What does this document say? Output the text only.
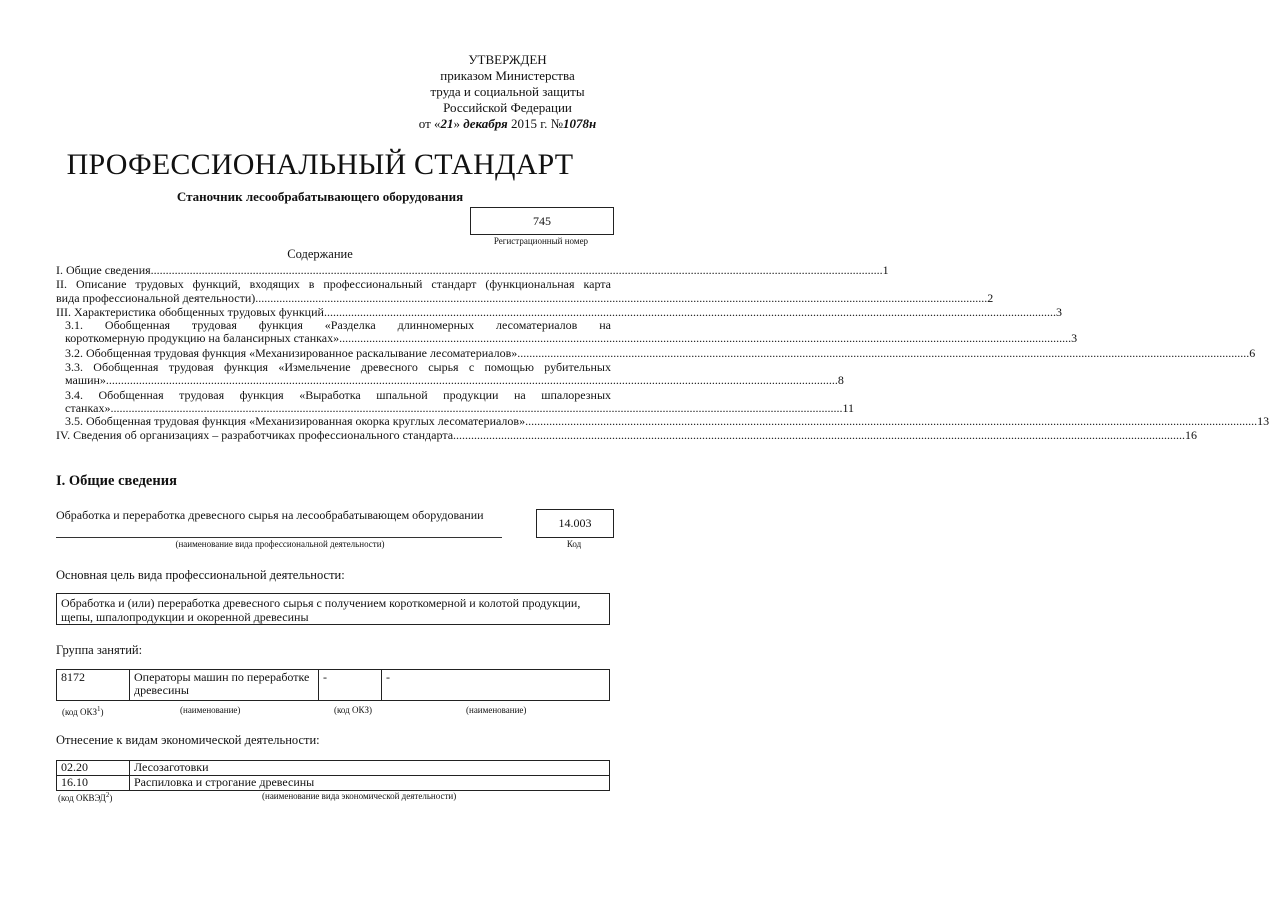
УТВЕРЖДЕН
приказом Министерства
труда и социальной защиты
Российской Федерации
от «21» декабря 2015 г. №1078н
ПРОФЕССИОНАЛЬНЫЙ СТАНДАРТ
Станочник лесообрабатывающего оборудования
745
Регистрационный номер
Содержание
I. Общие сведения .................................................................................................................................................................................................................................................... 1
II. Описание трудовых функций, входящих в профессиональный стандарт (функциональная карта
вида профессиональной деятельности) .................................................................................................................................................................................................................................................... 2
III. Характеристика обобщенных трудовых функций .................................................................................................................................................................................................................................................... 3
3.1. Обобщенная трудовая функция «Разделка длинномерных лесоматериалов на
короткомерную продукцию на балансирных станках» .................................................................................................................................................................................................................................................... 3
3.2. Обобщенная трудовая функция «Механизированное раскалывание лесоматериалов» .................................................................................................................................................................................................................................................... 6
3.3. Обобщенная трудовая функция «Измельчение древесного сырья с помощью рубительных
машин» .................................................................................................................................................................................................................................................... 8
3.4. Обобщенная трудовая функция «Выработка шпальной продукции на шпалорезных
станках» .................................................................................................................................................................................................................................................... 11
3.5. Обобщенная трудовая функция «Механизированная окорка круглых лесоматериалов» .................................................................................................................................................................................................................................................... 13
IV. Сведения об организациях – разработчиках профессионального стандарта .................................................................................................................................................................................................................................................... 16
I. Общие сведения
Обработка и переработка древесного сырья на лесообрабатывающем оборудовании
(наименование вида профессиональной деятельности)
14.003
Код
Основная цель вида профессиональной деятельности:
Обработка и (или) переработка древесного сырья с получением короткомерной и колотой продукции, щепы, шпалопродукции и окоренной древесины
Группа занятий:
8172	Операторы машин по переработке древесины	-	-
(код ОКЗ$^1$)	(наименование)	(код ОКЗ)	(наименование)
Отнесение к видам экономической деятельности:
02.20	Лесозаготовки
16.10	Распиловка и строгание древесины
(код ОКВЭД$^2$)	(наименование вида экономической деятельности)
